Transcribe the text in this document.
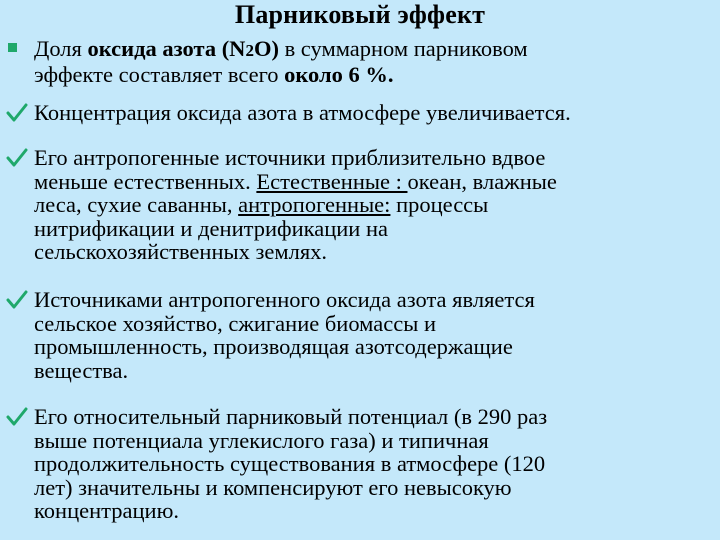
Парниковый эффект
Доля оксида азота (N2O) в суммарном парниковом
эффекте составляет всего около 6 %.
Концентрация оксида азота в атмосфере увеличивается.
Его антропогенные источники приблизительно вдвое
меньше естественных. Естественные : океан, влажные
леса, сухие саванны, антропогенные: процессы
нитрификации и денитрификации на
сельскохозяйственных землях.
Источниками антропогенного оксида азота является
сельское хозяйство, сжигание биомассы и
промышленность, производящая азотсодержащие
вещества.
Его относительный парниковый потенциал (в 290 раз
выше потенциала углекислого газа) и типичная
продолжительность существования в атмосфере (120
лет) значительны и компенсируют его невысокую
концентрацию.
